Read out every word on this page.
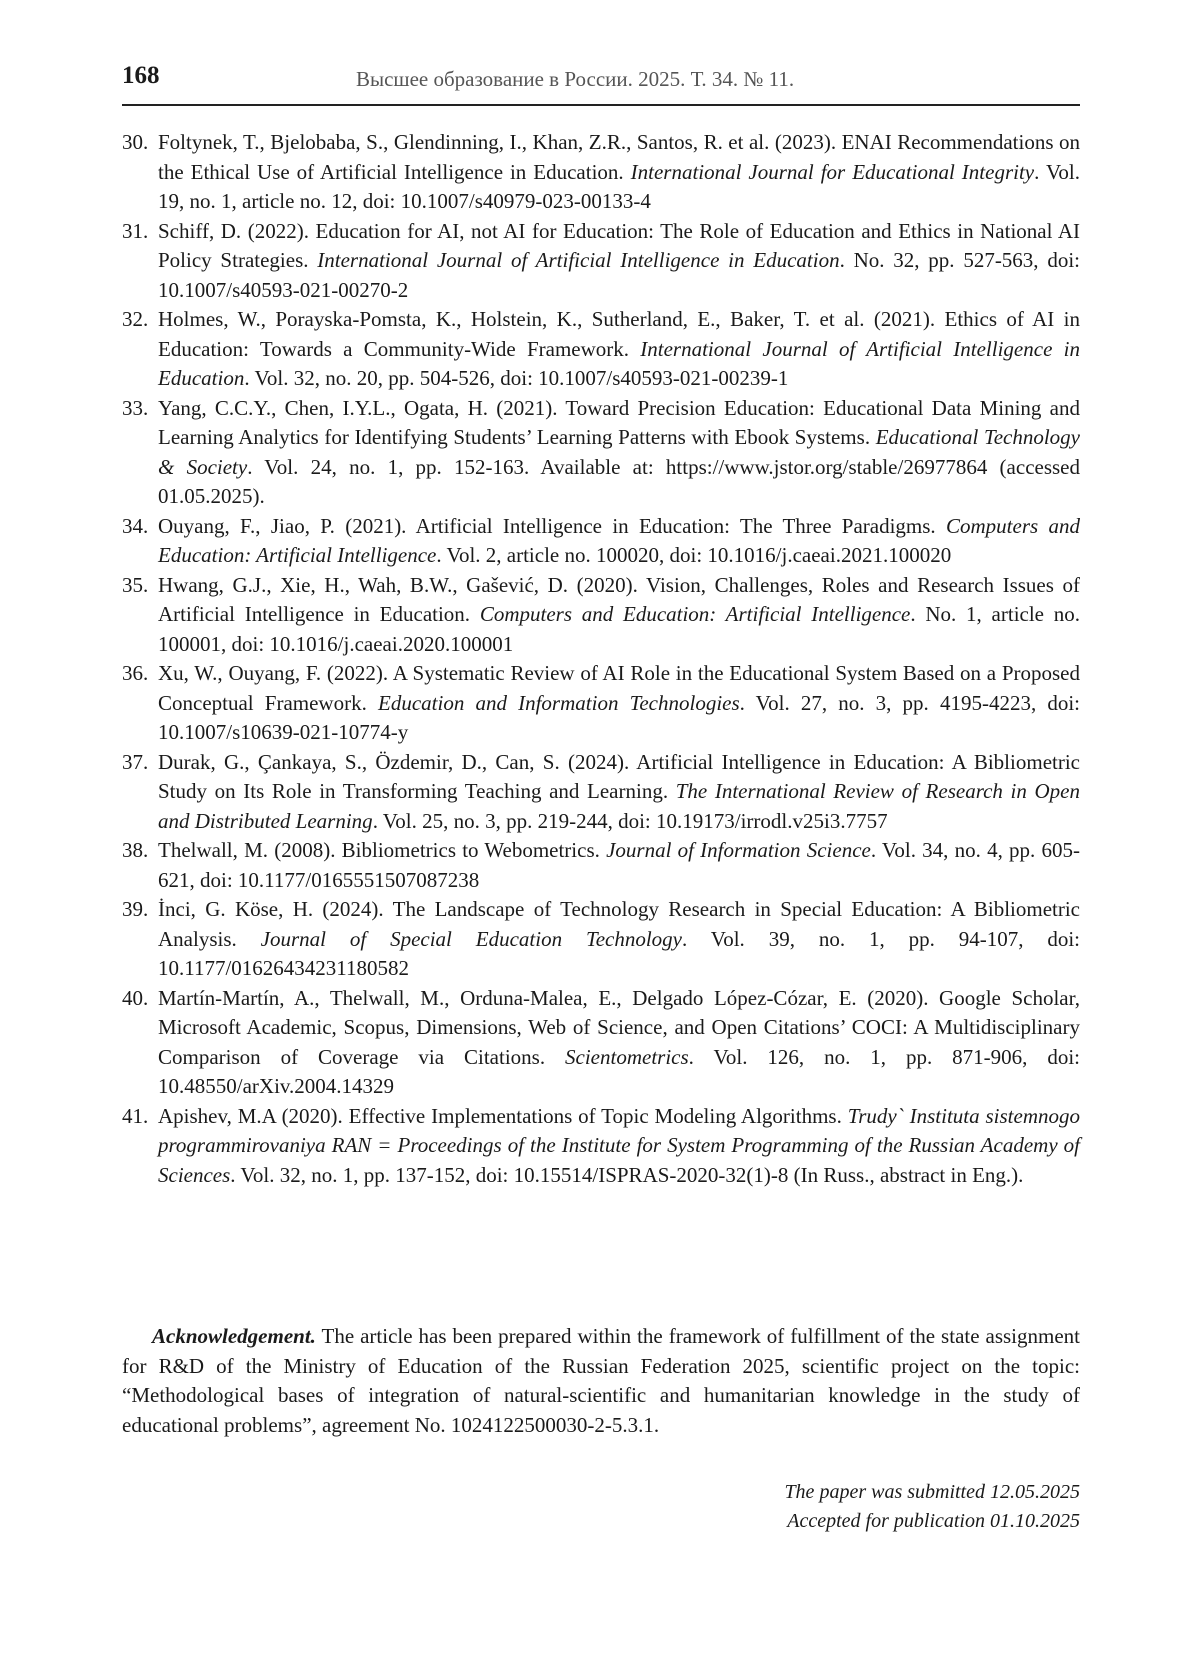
168	Высшее образование в России. 2025. Т. 34. № 11.
30. Foltynek, T., Bjelobaba, S., Glendinning, I., Khan, Z.R., Santos, R. et al. (2023). ENAI Recommendations on the Ethical Use of Artificial Intelligence in Education. International Journal for Educational Integrity. Vol. 19, no. 1, article no. 12, doi: 10.1007/s40979-023-00133-4
31. Schiff, D. (2022). Education for AI, not AI for Education: The Role of Education and Ethics in National AI Policy Strategies. International Journal of Artificial Intelligence in Education. No. 32, pp. 527-563, doi: 10.1007/s40593-021-00270-2
32. Holmes, W., Porayska-Pomsta, K., Holstein, K., Sutherland, E., Baker, T. et al. (2021). Ethics of AI in Education: Towards a Community-Wide Framework. International Journal of Artificial Intelligence in Education. Vol. 32, no. 20, pp. 504-526, doi: 10.1007/s40593-021-00239-1
33. Yang, C.C.Y., Chen, I.Y.L., Ogata, H. (2021). Toward Precision Education: Educational Data Mining and Learning Analytics for Identifying Students’ Learning Patterns with Ebook Systems. Educational Technology & Society. Vol. 24, no. 1, pp. 152-163. Available at: https://www.jstor.org/stable/26977864 (accessed 01.05.2025).
34. Ouyang, F., Jiao, P. (2021). Artificial Intelligence in Education: The Three Paradigms. Computers and Education: Artificial Intelligence. Vol. 2, article no. 100020, doi: 10.1016/j.caeai.2021.100020
35. Hwang, G.J., Xie, H., Wah, B.W., Gašević, D. (2020). Vision, Challenges, Roles and Research Issues of Artificial Intelligence in Education. Computers and Education: Artificial Intelligence. No. 1, article no. 100001, doi: 10.1016/j.caeai.2020.100001
36. Xu, W., Ouyang, F. (2022). A Systematic Review of AI Role in the Educational System Based on a Proposed Conceptual Framework. Education and Information Technologies. Vol. 27, no. 3, pp. 4195-4223, doi: 10.1007/s10639-021-10774-y
37. Durak, G., Çankaya, S., Özdemir, D., Can, S. (2024). Artificial Intelligence in Education: A Bibliometric Study on Its Role in Transforming Teaching and Learning. The International Review of Research in Open and Distributed Learning. Vol. 25, no. 3, pp. 219-244, doi: 10.19173/irrodl.v25i3.7757
38. Thelwall, M. (2008). Bibliometrics to Webometrics. Journal of Information Science. Vol. 34, no. 4, pp. 605-621, doi: 10.1177/0165551507087238
39. İnci, G. Köse, H. (2024). The Landscape of Technology Research in Special Education: A Bibliometric Analysis. Journal of Special Education Technology. Vol. 39, no. 1, pp. 94-107, doi: 10.1177/01626434231180582
40. Martín-Martín, A., Thelwall, M., Orduna-Malea, E., Delgado López-Cózar, E. (2020). Google Scholar, Microsoft Academic, Scopus, Dimensions, Web of Science, and Open Citations’ COCI: A Multidisciplinary Comparison of Coverage via Citations. Scientometrics. Vol. 126, no. 1, pp. 871-906, doi: 10.48550/arXiv.2004.14329
41. Apishev, M.A (2020). Effective Implementations of Topic Modeling Algorithms. Trudy` Instituta sistemnogo programmirovaniya RAN = Proceedings of the Institute for System Programming of the Russian Academy of Sciences. Vol. 32, no. 1, pp. 137-152, doi: 10.15514/ISPRAS-2020-32(1)-8 (In Russ., abstract in Eng.).

Acknowledgement. The article has been prepared within the framework of fulfillment of the state assignment for R&D of the Ministry of Education of the Russian Federation 2025, scientific project on the topic: “Methodological bases of integration of natural-scientific and humanitarian knowledge in the study of educational problems”, agreement No. 1024122500030-2-5.3.1.

The paper was submitted 12.05.2025
Accepted for publication 01.10.2025
